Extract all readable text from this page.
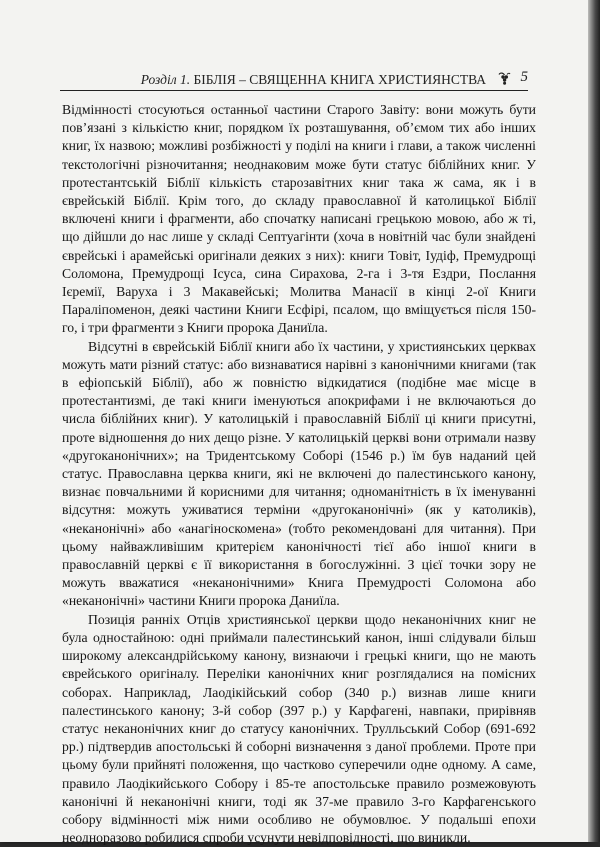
Розділ 1. БІБЛІЯ – СВЯЩЕННА КНИГА ХРИСТИЯНСТВА 5

Відмінності стосуються останньої частини Старого Завіту: вони можуть бути пов’язані з кількістю книг, порядком їх розташування, об’ємом тих або інших книг, їх назвою; можливі розбіжності у поділі на книги і глави, а також численні текстологічні різночитання; неоднаковим може бути статус біблійних книг. У протестантській Біблії кількість старозавітних книг така ж сама, як і в єврейській Біблії. Крім того, до складу православної й католицької Біблії включені книги і фрагменти, або спочатку написані грецькою мовою, або ж ті, що дійшли до нас лише у складі Септуагінти (хоча в новітній час були знайдені єврейські і арамейські оригінали деяких з них): книги Товіт, Іудіф, Премудрощі Соломона, Премудрощі Ісуса, сина Сирахова, 2-га і 3-тя Ездри, Послання Ієремії, Варуха і 3 Макавейські; Молитва Манасії в кінці 2-ої Книги Параліпоменон, деякі частини Книги Есфірі, псалом, що вміщується після 150-го, і три фрагменти з Книги пророка Даниїла.

Відсутні в єврейській Біблії книги або їх частини, у християнських церквах можуть мати різний статус: або визнаватися нарівні з канонічними книгами (так в ефіопській Біблії), або ж повністю відкидатися (подібне має місце в протестантизмі, де такі книги іменуються апокрифами і не включаються до числа біблійних книг). У католицькій і православній Біблії ці книги присутні, проте відношення до них дещо різне. У католицькій церкві вони отримали назву «другоканонічних»; на Тридентському Соборі (1546 р.) їм був наданий цей статус. Православна церква книги, які не включені до палестинського канону, визнає повчальними й корисними для читання; одноманітність в їх іменуванні відсутня: можуть уживатися терміни «другоканонічні» (як у католиків), «неканонічні» або «анагіноскомена» (тобто рекомендовані для читання). При цьому найважливішим критерієм канонічності тієї або іншої книги в православній церкві є її використання в богослужінні. З цієї точки зору не можуть вважатися «неканонічними» Книга Премудрості Соломона або «неканонічні» частини Книги пророка Даниїла.

Позиція ранніх Отців християнської церкви щодо неканонічних книг не була одностайною: одні приймали палестинський канон, інші слідували більш широкому александрійському канону, визнаючи і грецькі книги, що не мають єврейського оригіналу. Переліки канонічних книг розглядалися на помісних соборах. Наприклад, Лаодікійський собор (340 р.) визнав лише книги палестинського канону; 3-й собор (397 р.) у Карфагені, навпаки, прирівняв статус неканонічних книг до статусу канонічних. Трулльський Собор (691-692 рр.) підтвердив апостольські й соборні визначення з даної проблеми. Проте при цьому були прийняті положення, що частково суперечили одне одному. А саме, правило Лаодікийського Собору і 85-те апостольське правило розмежовують канонічні й неканонічні книги, тоді як 37-ме правило 3-го Карфагенського собору відмінності між ними особливо не обумовлює. У подальші епохи неодноразово робилися спроби усунути невідповідності, що виникли.
